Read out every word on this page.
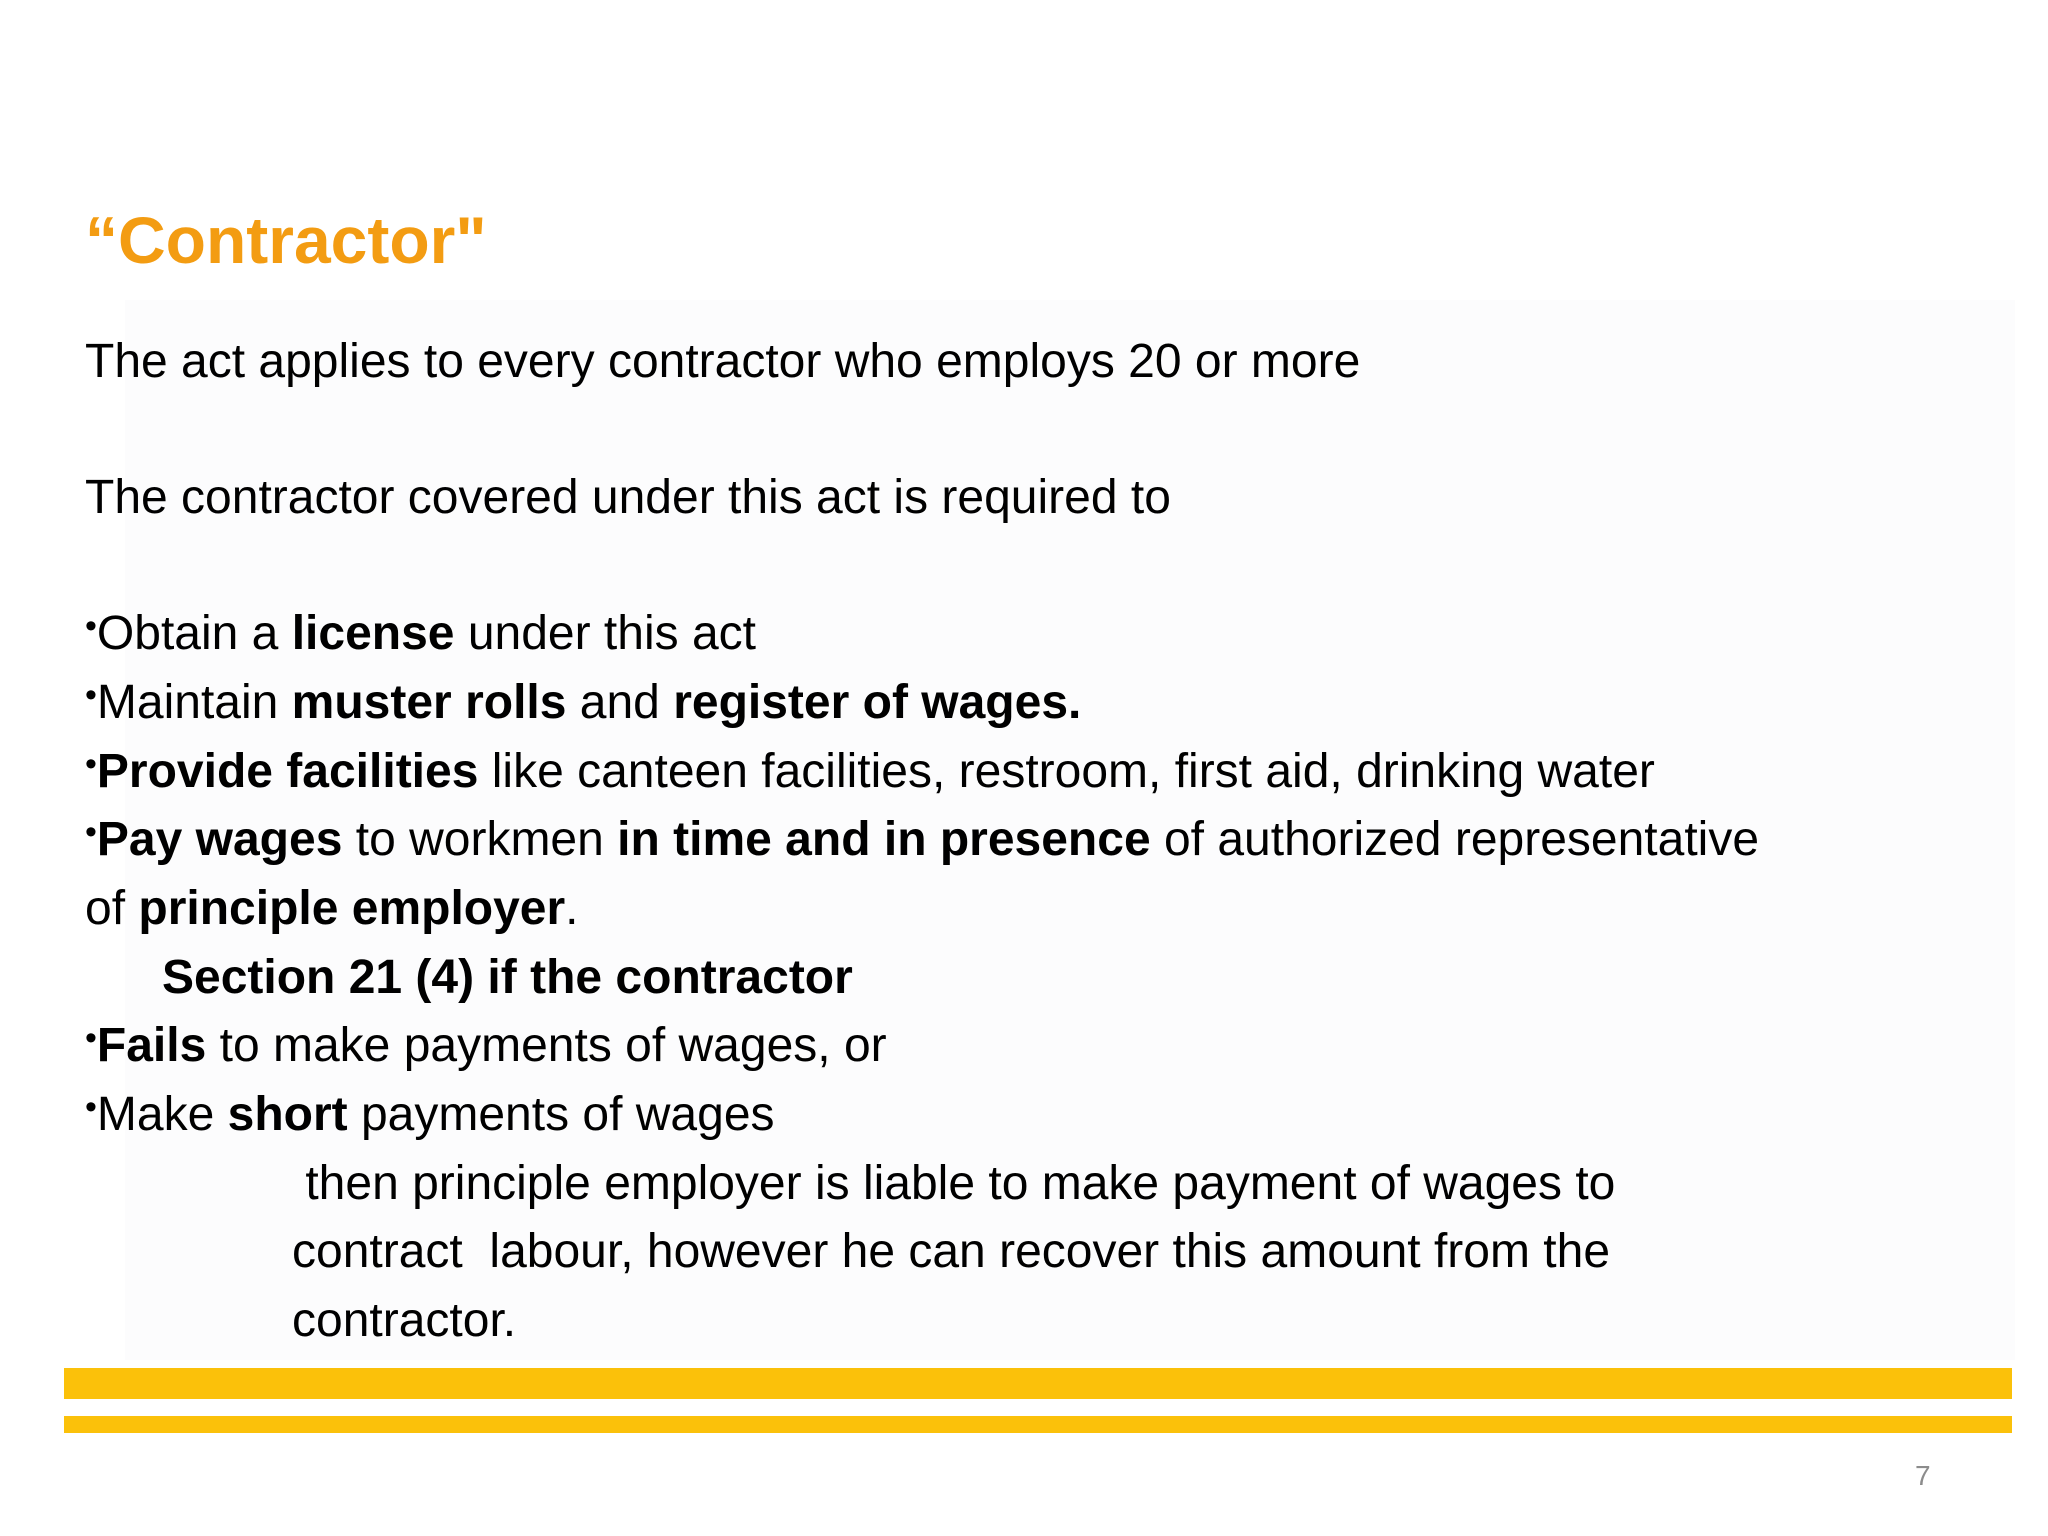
“Contractor"
The act applies to every contractor who employs 20 or more
The contractor covered under this act is required to
•Obtain a license under this act
•Maintain muster rolls and register of wages.
•Provide facilities like canteen facilities, restroom, first aid, drinking water
•Pay wages to workmen in time and in presence of authorized representative
of principle employer.
Section 21 (4) if the contractor
•Fails to make payments of wages, or
•Make short payments of wages
then principle employer is liable to make payment of wages to
contract  labour, however he can recover this amount from the
contractor.
7
